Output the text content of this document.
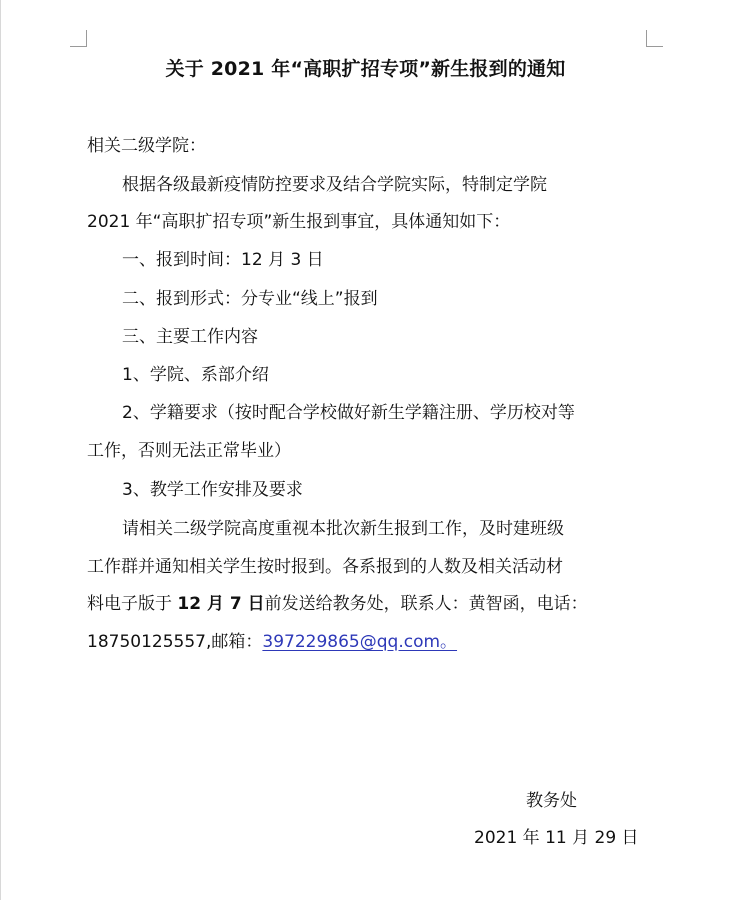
关于 2021 年“高职扩招专项”新生报到的通知
相关二级学院：
根据各级最新疫情防控要求及结合学院实际，特制定学院
2021 年“高职扩招专项”新生报到事宜，具体通知如下：
一、报到时间：12 月 3 日
二、报到形式：分专业“线上”报到
三、主要工作内容
1、学院、系部介绍
2、学籍要求（按时配合学校做好新生学籍注册、学历校对等
工作，否则无法正常毕业）
3、教学工作安排及要求
请相关二级学院高度重视本批次新生报到工作，及时建班级
工作群并通知相关学生按时报到。各系报到的人数及相关活动材
料电子版于 12 月 7 日前发送给教务处，联系人：黄智函，电话：
18750125557,邮箱：397229865@qq.com。
教务处
2021 年 11 月 29 日
